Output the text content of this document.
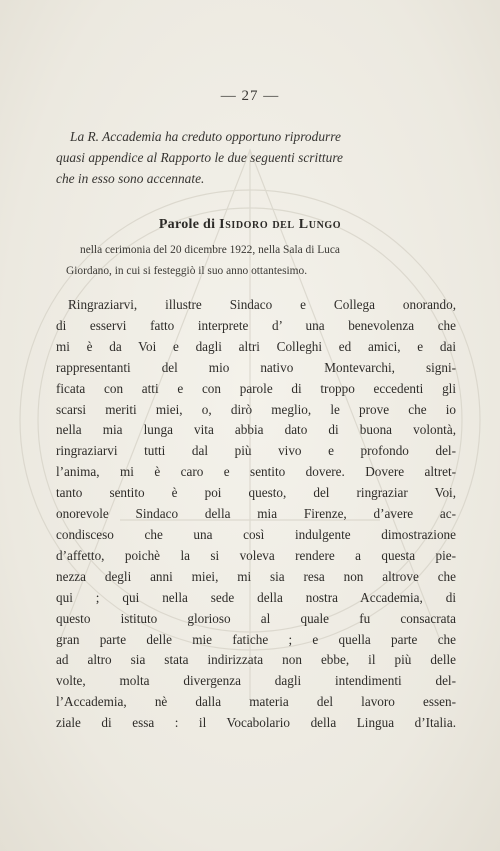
— 27 —
La R. Accademia ha creduto opportuno riprodurre
quasi appendice al Rapporto le due seguenti scritture
che in esso sono accennate.
Parole di Isidoro del Lungo
nella cerimonia del 20 dicembre 1922, nella Sala di Luca
Giordano, in cui si festeggiò il suo anno ottantesimo.
Ringraziarvi, illustre Sindaco e Collega onorando,
di esservi fatto interprete d’ una benevolenza che
mi è da Voi e dagli altri Colleghi ed amici, e dai
rappresentanti del mio nativo Montevarchi, signi-
ficata con atti e con parole di troppo eccedenti gli
scarsi meriti miei, o, dirò meglio, le prove che io
nella mia lunga vita abbia dato di buona volontà,
ringraziarvi tutti dal più vivo e profondo del-
l’anima, mi è caro e sentito dovere. Dovere altret-
tanto sentito è poi questo, del ringraziar Voi,
onorevole Sindaco della mia Firenze, d’avere ac-
condisceso che una così indulgente dimostrazione
d’affetto, poichè la si voleva rendere a questa pie-
nezza degli anni miei, mi sia resa non altrove che
qui ; qui nella sede della nostra Accademia, di
questo istituto glorioso al quale fu consacrata
gran parte delle mie fatiche ; e quella parte che
ad altro sia stata indirizzata non ebbe, il più delle
volte, molta divergenza dagli intendimenti del-
l’Accademia, nè dalla materia del lavoro essen-
ziale di essa : il Vocabolario della Lingua d’Italia.
